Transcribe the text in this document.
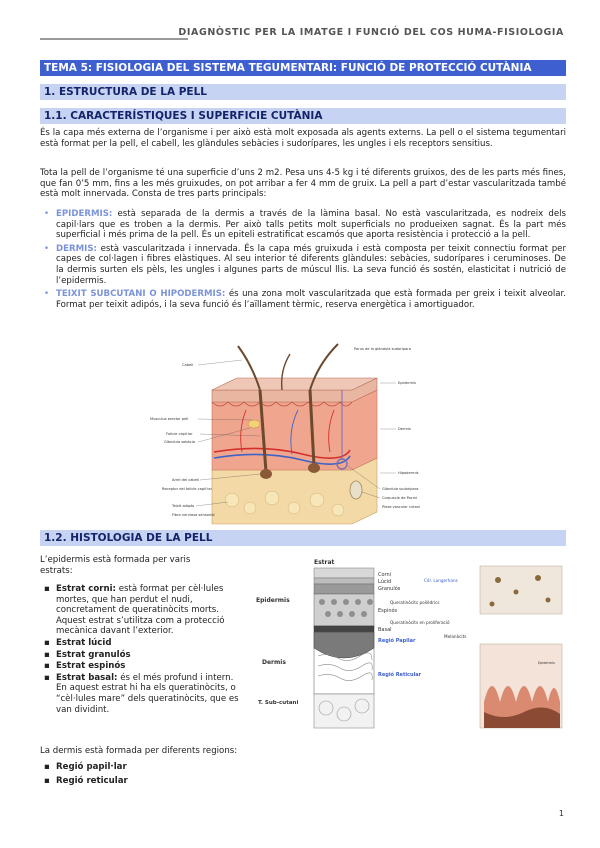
DIAGNÒSTIC PER LA IMATGE I FUNCIÓ DEL COS HUMA-FISIOLOGIA
TEMA 5: FISIOLOGIA DEL SISTEMA TEGUMENTARI: FUNCIÓ DE PROTECCIÓ CUTÀNIA
1. ESTRUCTURA DE LA PELL
1.1. CARACTERÍSTIQUES I SUPERFICIE CUTÀNIA
És la capa més externa de l’organisme i per això està molt exposada als agents externs. La pell o el sistema tegumentari està format per la pell, el cabell, les glàndules sebàcies i sudorípares, les ungles i els receptors sensitius.
Tota la pell de l’organisme té una superficie d’uns 2 m2. Pesa uns 4-5 kg i té diferents gruixos, des de les parts més fines, que fan 0’5 mm, fins a les més gruixudes, on pot arribar a fer 4 mm de gruix. La pell a part d’estar vascularitzada també està molt innervada. Consta de tres parts principals:
• EPIDERMIS: està separada de la dermis a través de la làmina basal. No està vascularitzada, es nodreix dels capil·lars que es troben a la dermis. Per això talls petits molt superficials no produeixen sagnat. És la part més superficial i més prima de la pell. És un epiteli estratificat escamós que aporta resistència i protecció a la pell.
• DERMIS: està vascularitzada i innervada. És la capa més gruixuda i està composta per teixit connectiu format per capes de col·lagen i fibres elàstiques. Al seu interior té diferents glàndules: sebàcies, sudorípares i ceruminoses. De la dermis surten els pèls, les ungles i algunes parts de múscul llis. La seva funció és sostén, elasticitat i nutrició de l’epidermis.
• TEIXIT SUBCUTANI O HIPODERMIS: és una zona molt vascularitzada que està formada per greix i teixit alveolar. Format per teixit adipós, i la seva funció és l’aïllament tèrmic, reserva energètica i amortiguador.
Cabell
Porus de la glàndula sudorípara
Epidermis
Dermis
Hipodermis
Musculus erector pell
Folicle capil·lar
Glàndula sebàcia
Arrel del cabell
Receptor del folicle capil·lar
Teixit adipós
Fibra nerviosa sensorial
Glàndula sudorípara
Corpuscle de Pacini
Plexe vascular cutani
1.2. HISTOLOGIA DE LA PELL
L’epidermis està formada per varis estrats:
▪ Estrat corni: està format per cèl·lules mortes, que han perdut el nudi, concretament de queratinòcits morts. Aquest estrat s’utilitza com a protecció mecànica davant l’exterior.
▪ Estrat lúcid
▪ Estrat granulós
▪ Estrat espinós
▪ Estrat basal: és el més profund i intern. En aquest estrat hi ha els queratinòcits, o “cèl·lules mare” dels queratinòcits, que es van dividint.
La dermis està formada per diferents regions:
▪ Regió papil·lar
▪ Regió reticular
Estrat
Corni
Lúcid
Granulós
Espinós
Basal
Epidermis
Dermis
T. Sub-cutani
Regió Papilar
Regió Reticular
Cél. Langerhans
Queratinòcits polièdrics
Queratinòcits en proliferació
Melanòcits
Epidermis
1
